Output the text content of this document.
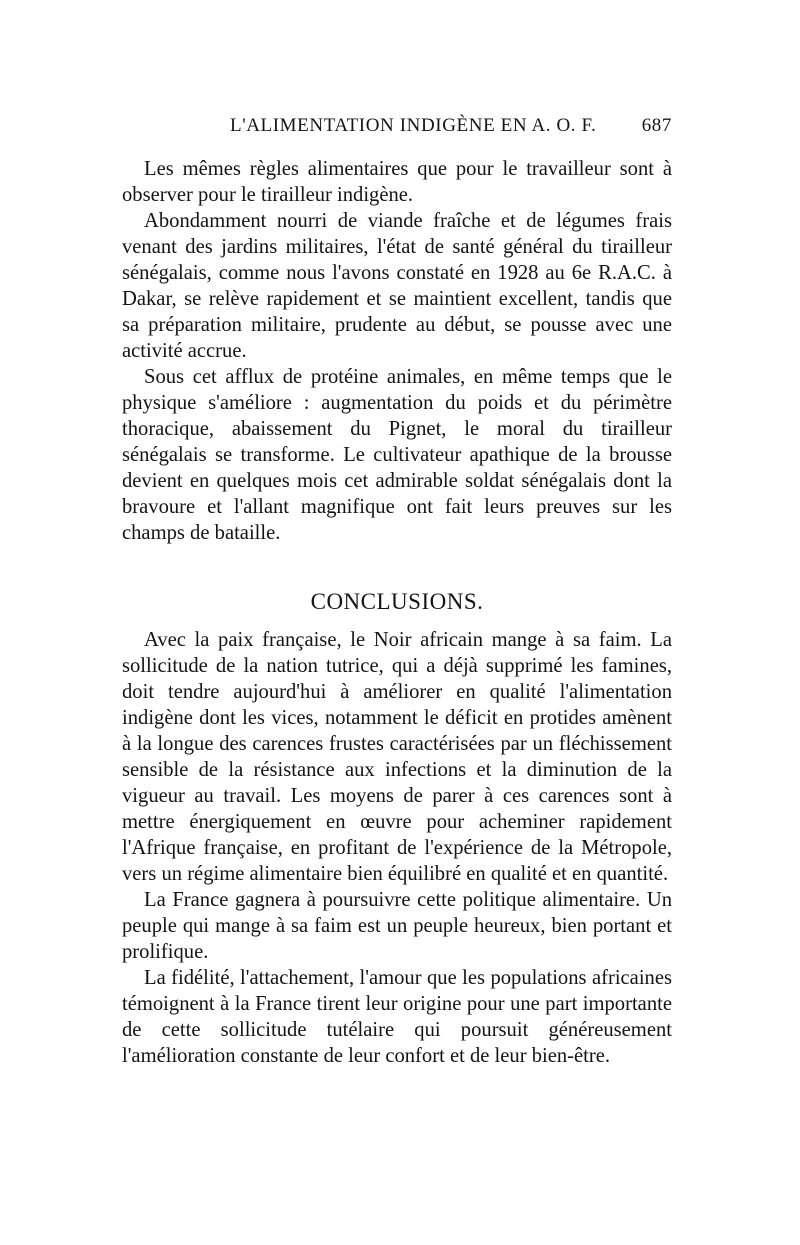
L'ALIMENTATION INDIGÈNE EN A. O. F. 687

Les mêmes règles alimentaires que pour le travailleur sont à observer pour le tirailleur indigène.

Abondamment nourri de viande fraîche et de légumes frais venant des jardins militaires, l'état de santé général du tirailleur sénégalais, comme nous l'avons constaté en 1928 au 6e R.A.C. à Dakar, se relève rapidement et se maintient excellent, tandis que sa préparation militaire, prudente au début, se pousse avec une activité accrue.

Sous cet afflux de protéine animales, en même temps que le physique s'améliore : augmentation du poids et du périmètre thoracique, abaissement du Pignet, le moral du tirailleur sénégalais se transforme. Le cultivateur apathique de la brousse devient en quelques mois cet admirable soldat sénégalais dont la bravoure et l'allant magnifique ont fait leurs preuves sur les champs de bataille.

CONCLUSIONS.

Avec la paix française, le Noir africain mange à sa faim. La sollicitude de la nation tutrice, qui a déjà supprimé les famines, doit tendre aujourd'hui à améliorer en qualité l'alimentation indigène dont les vices, notamment le déficit en protides amènent à la longue des carences frustes caractérisées par un fléchissement sensible de la résistance aux infections et la diminution de la vigueur au travail. Les moyens de parer à ces carences sont à mettre énergiquement en œuvre pour acheminer rapidement l'Afrique française, en profitant de l'expérience de la Métropole, vers un régime alimentaire bien équilibré en qualité et en quantité.

La France gagnera à poursuivre cette politique alimentaire. Un peuple qui mange à sa faim est un peuple heureux, bien portant et prolifique.

La fidélité, l'attachement, l'amour que les populations africaines témoignent à la France tirent leur origine pour une part importante de cette sollicitude tutélaire qui poursuit généreusement l'amélioration constante de leur confort et de leur bien-être.
